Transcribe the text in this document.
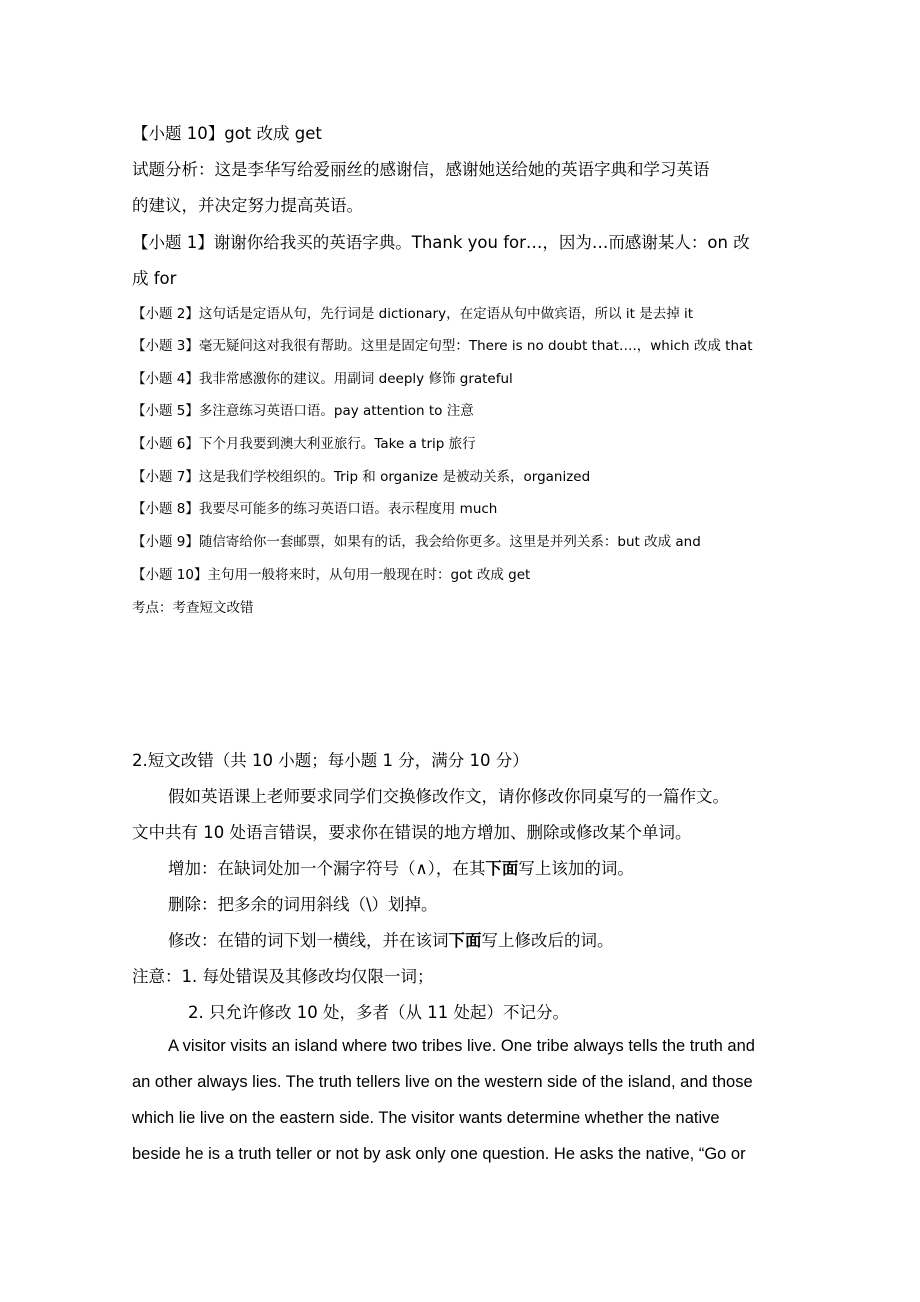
【小题 10】got 改成 get
试题分析：这是李华写给爱丽丝的感谢信，感谢她送给她的英语字典和学习英语
的建议，并决定努力提高英语。
【小题 1】谢谢你给我买的英语字典。Thank you for…，因为…而感谢某人：on 改
成 for
【小题 2】这句话是定语从句，先行词是 dictionary，在定语从句中做宾语，所以 it 是去掉 it
【小题 3】毫无疑问这对我很有帮助。这里是固定句型：There is no doubt that….，which 改成 that
【小题 4】我非常感激你的建议。用副词 deeply 修饰 grateful
【小题 5】多注意练习英语口语。pay attention to 注意
【小题 6】下个月我要到澳大利亚旅行。Take a trip 旅行
【小题 7】这是我们学校组织的。Trip 和 organize 是被动关系，organized
【小题 8】我要尽可能多的练习英语口语。表示程度用 much
【小题 9】随信寄给你一套邮票，如果有的话，我会给你更多。这里是并列关系：but 改成 and
【小题 10】主句用一般将来时，从句用一般现在时：got 改成 get
考点：考查短文改错
2.短文改错（共 10 小题；每小题 1 分，满分 10 分）
假如英语课上老师要求同学们交换修改作文，请你修改你同桌写的一篇作文。
文中共有 10 处语言错误，要求你在错误的地方增加、删除或修改某个单词。
增加：在缺词处加一个漏字符号（∧），在其下面写上该加的词。
删除：把多余的词用斜线（\）划掉。
修改：在错的词下划一横线，并在该词下面写上修改后的词。
注意：1. 每处错误及其修改均仅限一词；
2. 只允许修改 10 处，多者（从 11 处起）不记分。
A visitor visits an island where two tribes live. One tribe always tells the truth and
an other always lies. The truth tellers live on the western side of the island, and those
which lie live on the eastern side. The visitor wants determine whether the native
beside he is a truth teller or not by ask only one question. He asks the native, “Go or
